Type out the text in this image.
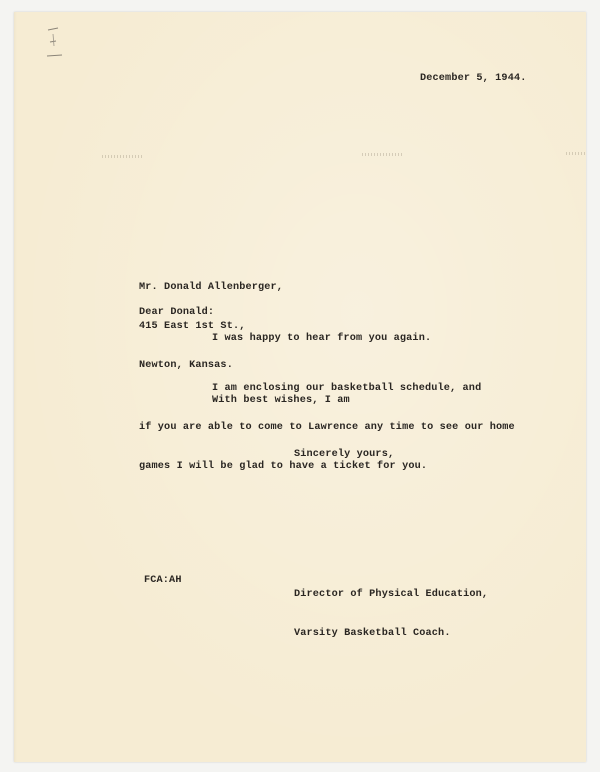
December 5, 1944.

Mr. Donald Allenberger,

415 East 1st St.,

Newton, Kansas.

Dear Donald:
I was happy to hear from you again.

I am enclosing our basketball schedule, and

if you are able to come to Lawrence any time to see our home

games I will be glad to have a ticket for you.

With best wishes, I am
Sincerely yours,

Director of Physical Education,

Varsity Basketball Coach.

FCA:AH
